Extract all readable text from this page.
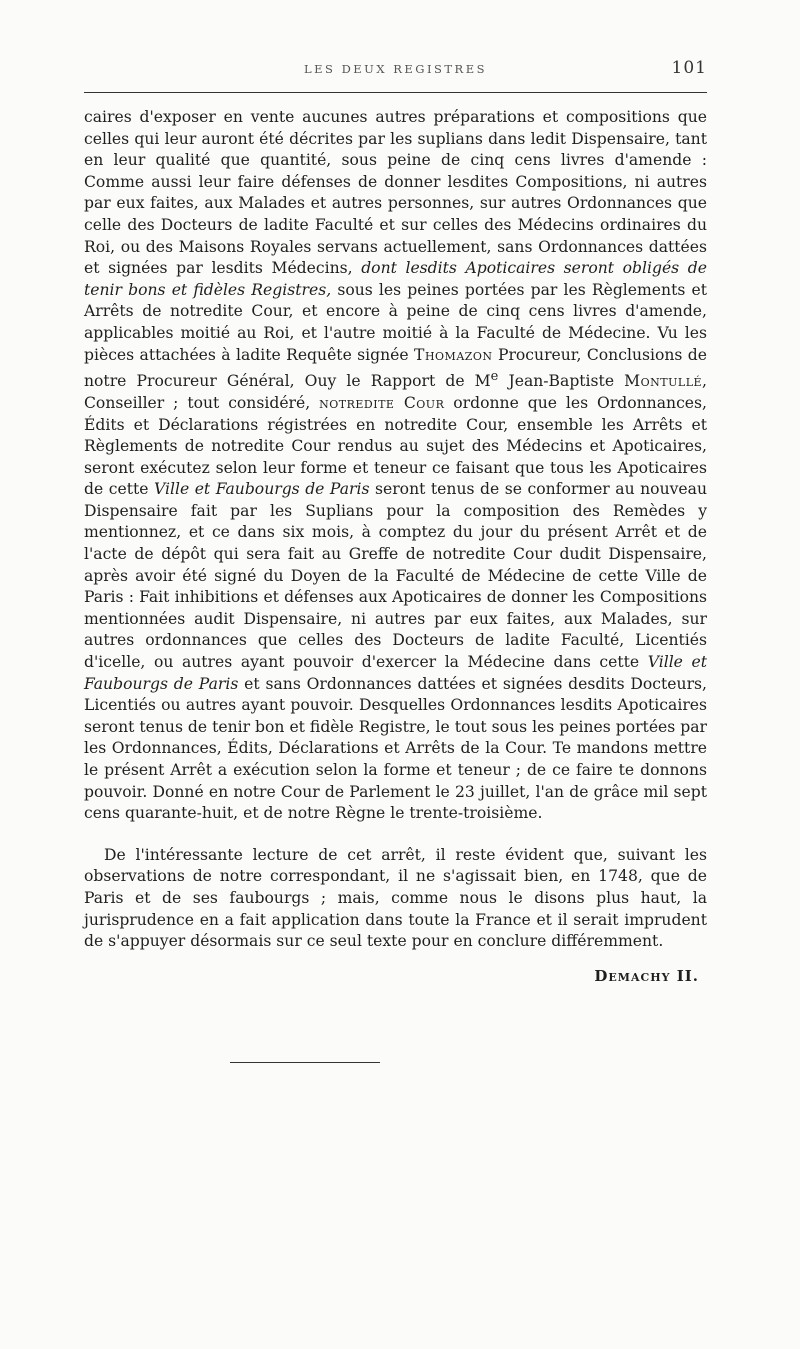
LES DEUX REGISTRES	101

caires d'exposer en vente aucunes autres préparations et compositions que celles qui leur auront été décrites par les suplians dans ledit Dispensaire, tant en leur qualité que quantité, sous peine de cinq cens livres d'amende : Comme aussi leur faire défenses de donner lesdites Compositions, ni autres par eux faites, aux Malades et autres personnes, sur autres Ordonnances que celle des Docteurs de ladite Faculté et sur celles des Médecins ordinaires du Roi, ou des Maisons Royales servans actuellement, sans Ordonnances dattées et signées par lesdits Médecins, dont lesdits Apoticaires seront obligés de tenir bons et fidèles Registres, sous les peines portées par les Règlements et Arrêts de notredite Cour, et encore à peine de cinq cens livres d'amende, applicables moitié au Roi, et l'autre moitié à la Faculté de Médecine. Vu les pièces attachées à ladite Requête signée Thomazon Procureur, Conclusions de notre Procureur Général, Ouy le Rapport de Me Jean-Baptiste Montullé, Conseiller ; tout considéré, notredite Cour ordonne que les Ordonnances, Édits et Déclarations régistrées en notredite Cour, ensemble les Arrêts et Règlements de notredite Cour rendus au sujet des Médecins et Apoticaires, seront exécutez selon leur forme et teneur ce faisant que tous les Apoticaires de cette Ville et Faubourgs de Paris seront tenus de se conformer au nouveau Dispensaire fait par les Suplians pour la composition des Remèdes y mentionnez, et ce dans six mois, à comptez du jour du présent Arrêt et de l'acte de dépôt qui sera fait au Greffe de notredite Cour dudit Dispensaire, après avoir été signé du Doyen de la Faculté de Médecine de cette Ville de Paris : Fait inhibitions et défenses aux Apoticaires de donner les Compositions mentionnées audit Dispensaire, ni autres par eux faites, aux Malades, sur autres ordonnances que celles des Docteurs de ladite Faculté, Licentiés d'icelle, ou autres ayant pouvoir d'exercer la Médecine dans cette Ville et Faubourgs de Paris et sans Ordonnances dattées et signées desdits Docteurs, Licentiés ou autres ayant pouvoir. Desquelles Ordonnances lesdits Apoticaires seront tenus de tenir bon et fidèle Registre, le tout sous les peines portées par les Ordonnances, Édits, Déclarations et Arrêts de la Cour. Te mandons mettre le présent Arrêt a exécution selon la forme et teneur ; de ce faire te donnons pouvoir. Donné en notre Cour de Parlement le 23 juillet, l'an de grâce mil sept cens quarante-huit, et de notre Règne le trente-troisième.

De l'intéressante lecture de cet arrêt, il reste évident que, suivant les observations de notre correspondant, il ne s'agissait bien, en 1748, que de Paris et de ses faubourgs ; mais, comme nous le disons plus haut, la jurisprudence en a fait application dans toute la France et il serait imprudent de s'appuyer désormais sur ce seul texte pour en conclure différemment.

Demachy II.
